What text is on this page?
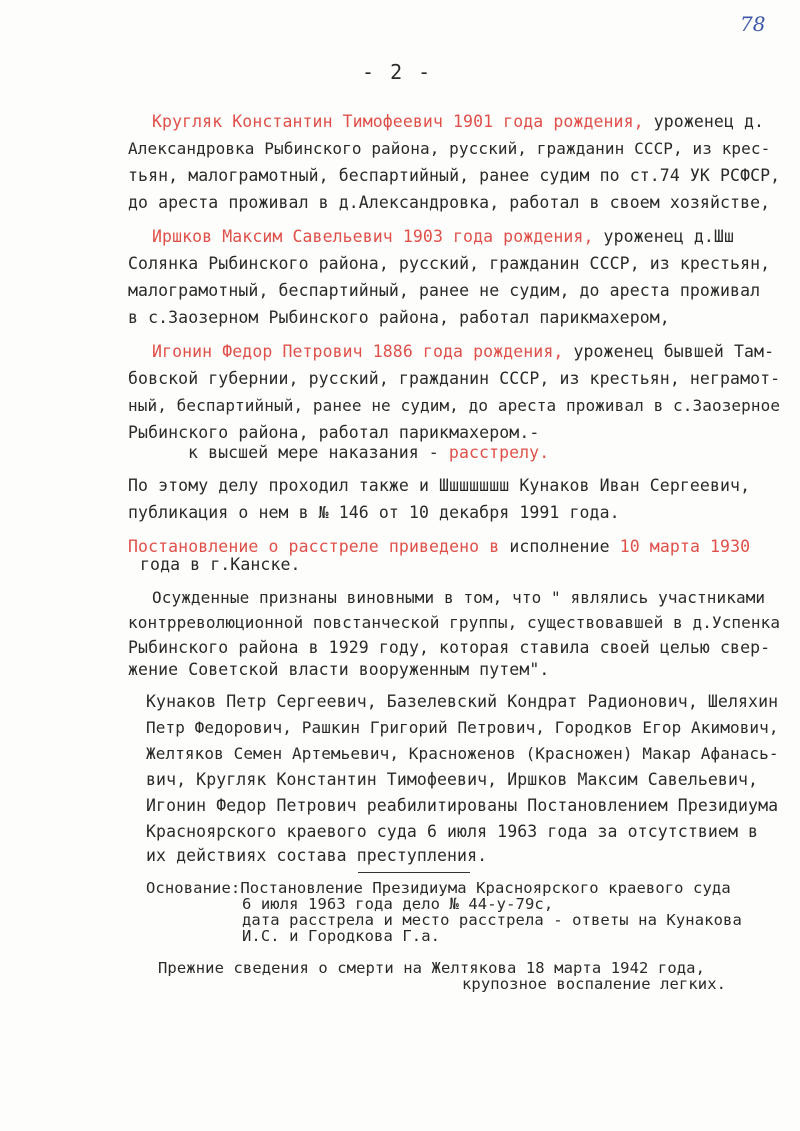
78
- 2 -
Кругляк Константин Тимофеевич 1901 года рождения, уроженец д.
Александровка Рыбинского района, русский, гражданин СССР, из крес-
тьян, малограмотный, беспартийный, ранее судим по ст.74 УК РСФСР,
до ареста проживал в д.Александровка, работал в своем хозяйстве,
Иршков Максим Савельевич 1903 года рождения, уроженец д.Шш
Солянка Рыбинского района, русский, гражданин СССР, из крестьян,
малограмотный, беспартийный, ранее не судим, до ареста проживал
в с.Заозерном Рыбинского района, работал парикмахером,
Игонин Федор Петрович 1886 года рождения, уроженец бывшей Там-
бовской губернии, русский, гражданин СССР, из крестьян, неграмот-
ный, беспартийный, ранее не судим, до ареста проживал в с.Заозерное
Рыбинского района, работал парикмахером.-
к высшей мере наказания - расстрелу.
По этому делу проходил также и Шшшшшшш Кунаков Иван Сергеевич,
публикация о нем в № 146 от 10 декабря 1991 года.
Постановление о расстреле приведено в исполнение 10 марта 1930
года в г.Канске.
Осужденные признаны виновными в том, что " являлись участниками
контрреволюционной повстанческой группы, существовавшей в д.Успенка
Рыбинского района в 1929 году, которая ставила своей целью свер-
жение Советской власти вооруженным путем".
Кунаков Петр Сергеевич, Базелевский Кондрат Радионович, Шеляхин
Петр Федорович, Рашкин Григорий Петрович, Городков Егор Акимович,
Желтяков Семен Артемьевич, Красноженов (Красножен) Макар Афанась-
вич, Кругляк Константин Тимофеевич, Иршков Максим Савельевич,
Игонин Федор Петрович реабилитированы Постановлением Президиума
Красноярского краевого суда 6 июля 1963 года за отсутствием в
их действиях состава преступления.
Основание:Постановление Президиума Красноярского краевого суда
6 июля 1963 года дело № 44-у-79с,
дата расстрела и место расстрела - ответы на Кунакова
И.С. и Городкова Г.а.
Прежние сведения о смерти на Желтякова 18 марта 1942 года,
крупозное воспаление легких.
